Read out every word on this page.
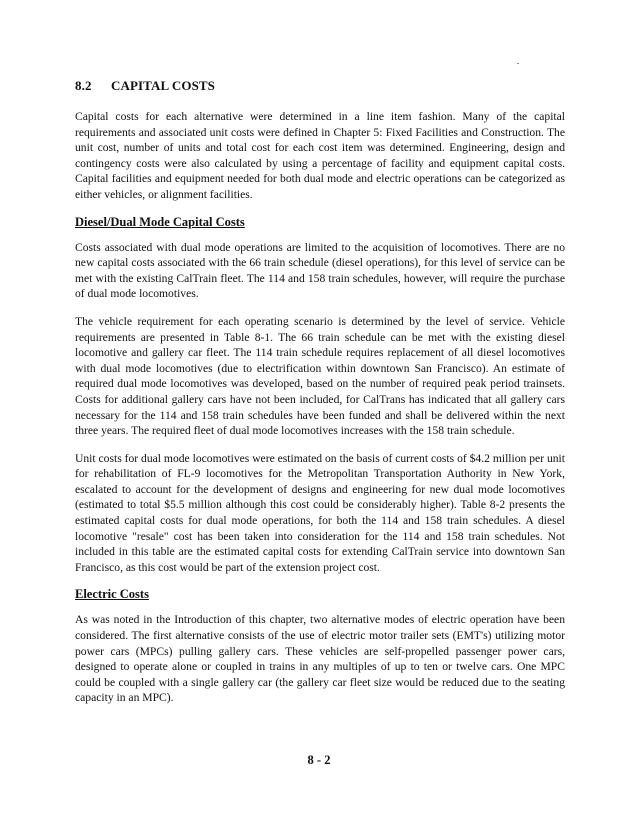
8.2 CAPITAL COSTS

Capital costs for each alternative were determined in a line item fashion. Many of the capital requirements and associated unit costs were defined in Chapter 5: Fixed Facilities and Construction. The unit cost, number of units and total cost for each cost item was determined. Engineering, design and contingency costs were also calculated by using a percentage of facility and equipment capital costs. Capital facilities and equipment needed for both dual mode and electric operations can be categorized as either vehicles, or alignment facilities.

Diesel/Dual Mode Capital Costs

Costs associated with dual mode operations are limited to the acquisition of locomotives. There are no new capital costs associated with the 66 train schedule (diesel operations), for this level of service can be met with the existing CalTrain fleet. The 114 and 158 train schedules, however, will require the purchase of dual mode locomotives.

The vehicle requirement for each operating scenario is determined by the level of service. Vehicle requirements are presented in Table 8-1. The 66 train schedule can be met with the existing diesel locomotive and gallery car fleet. The 114 train schedule requires replacement of all diesel locomotives with dual mode locomotives (due to electrification within downtown San Francisco). An estimate of required dual mode locomotives was developed, based on the number of required peak period trainsets. Costs for additional gallery cars have not been included, for CalTrans has indicated that all gallery cars necessary for the 114 and 158 train schedules have been funded and shall be delivered within the next three years. The required fleet of dual mode locomotives increases with the 158 train schedule.

Unit costs for dual mode locomotives were estimated on the basis of current costs of $4.2 million per unit for rehabilitation of FL-9 locomotives for the Metropolitan Transportation Authority in New York, escalated to account for the development of designs and engineering for new dual mode locomotives (estimated to total $5.5 million although this cost could be considerably higher). Table 8-2 presents the estimated capital costs for dual mode operations, for both the 114 and 158 train schedules. A diesel locomotive "resale" cost has been taken into consideration for the 114 and 158 train schedules. Not included in this table are the estimated capital costs for extending CalTrain service into downtown San Francisco, as this cost would be part of the extension project cost.

Electric Costs

As was noted in the Introduction of this chapter, two alternative modes of electric operation have been considered. The first alternative consists of the use of electric motor trailer sets (EMT's) utilizing motor power cars (MPCs) pulling gallery cars. These vehicles are self-propelled passenger power cars, designed to operate alone or coupled in trains in any multiples of up to ten or twelve cars. One MPC could be coupled with a single gallery car (the gallery car fleet size would be reduced due to the seating capacity in an MPC).

8 - 2
